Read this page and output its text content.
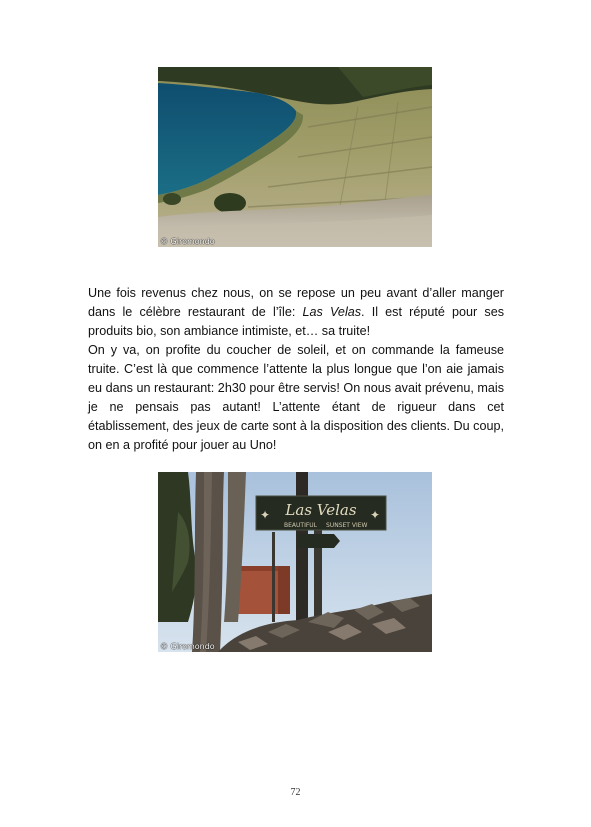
© Giromondo

Une fois revenus chez nous, on se repose un peu avant d’aller manger dans le célèbre restaurant de l’île: Las Velas. Il est réputé pour ses produits bio, son ambiance intimiste, et… sa truite!

On y va, on profite du coucher de soleil, et on commande la fameuse truite. C’est là que commence l’attente la plus longue que l’on aie jamais eu dans un restaurant: 2h30 pour être servis! On nous avait prévenu, mais je ne pensais pas autant! L’attente étant de rigueur dans cet établissement, des jeux de carte sont à la disposition des clients. Du coup, on en a profité pour jouer au Uno!

✦	✦
Las Velas
BEAUTIFUL SUNSET VIEW
© Giromondo
72
